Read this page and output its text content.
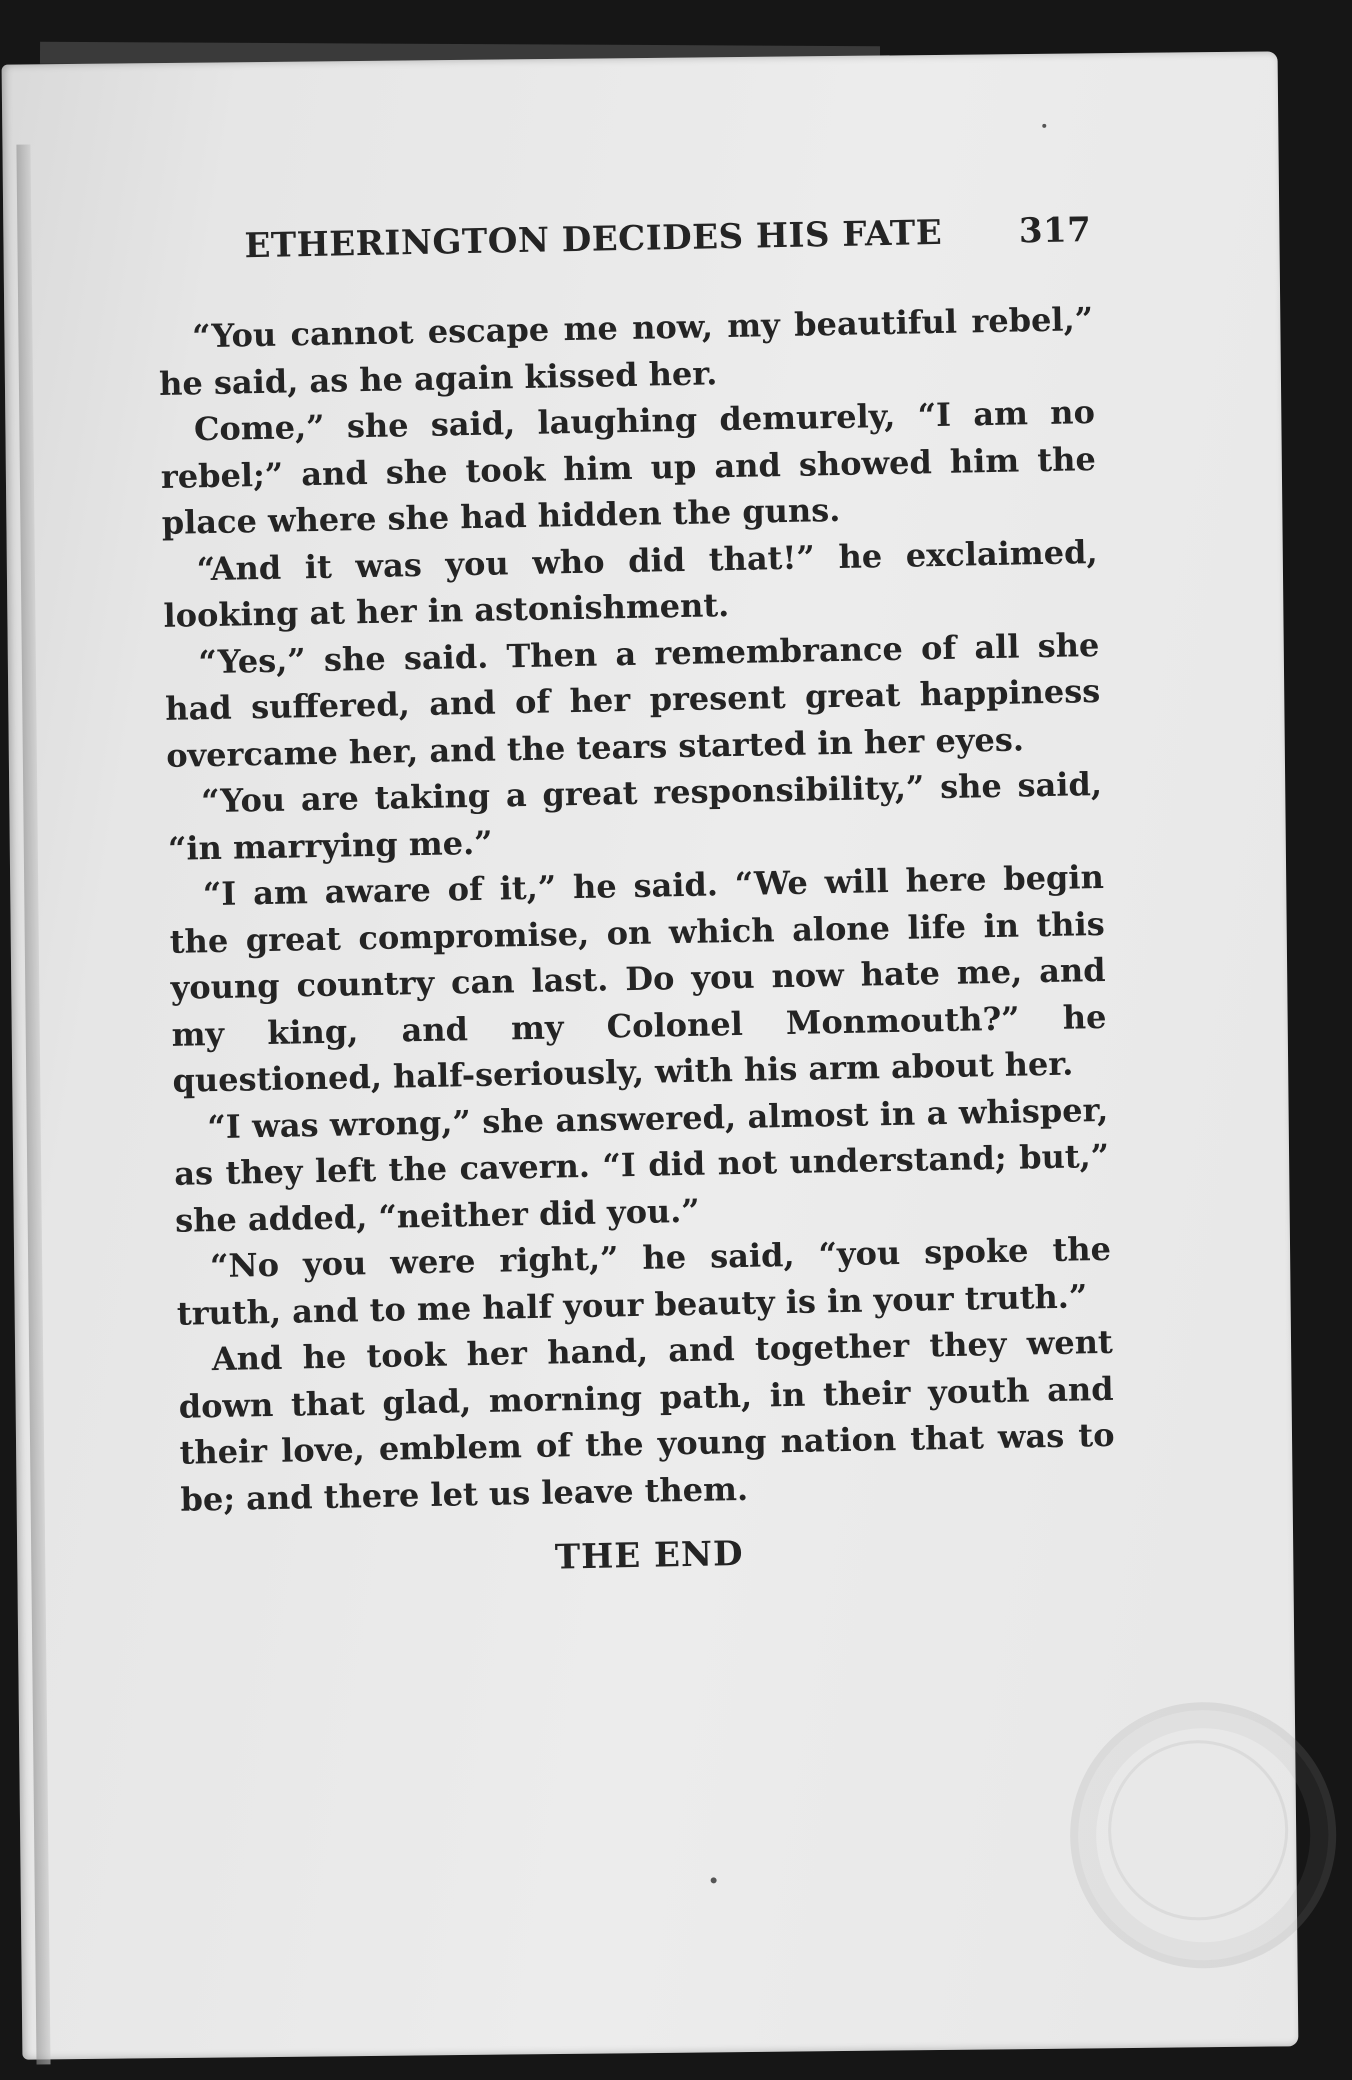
ETHERINGTON DECIDES HIS FATE 317

“You cannot escape me now, my beautiful rebel,” he said, as he again kissed her.

Come,” she said, laughing demurely, “I am no rebel;” and she took him up and showed him the place where she had hidden the guns.

“And it was you who did that!” he exclaimed, looking at her in astonishment.

“Yes,” she said. Then a remembrance of all she had suffered, and of her present great happiness overcame her, and the tears started in her eyes.

“You are taking a great responsibility,” she said, “in marrying me.”

“I am aware of it,” he said. “We will here begin the great compromise, on which alone life in this young country can last. Do you now hate me, and my king, and my Colonel Monmouth?” he questioned, half-seriously, with his arm about her.

“I was wrong,” she answered, almost in a whisper, as they left the cavern. “I did not understand; but,” she added, “neither did you.”

“No you were right,” he said, “you spoke the truth, and to me half your beauty is in your truth.”

And he took her hand, and together they went down that glad, morning path, in their youth and their love, emblem of the young nation that was to be; and there let us leave them.

THE END
